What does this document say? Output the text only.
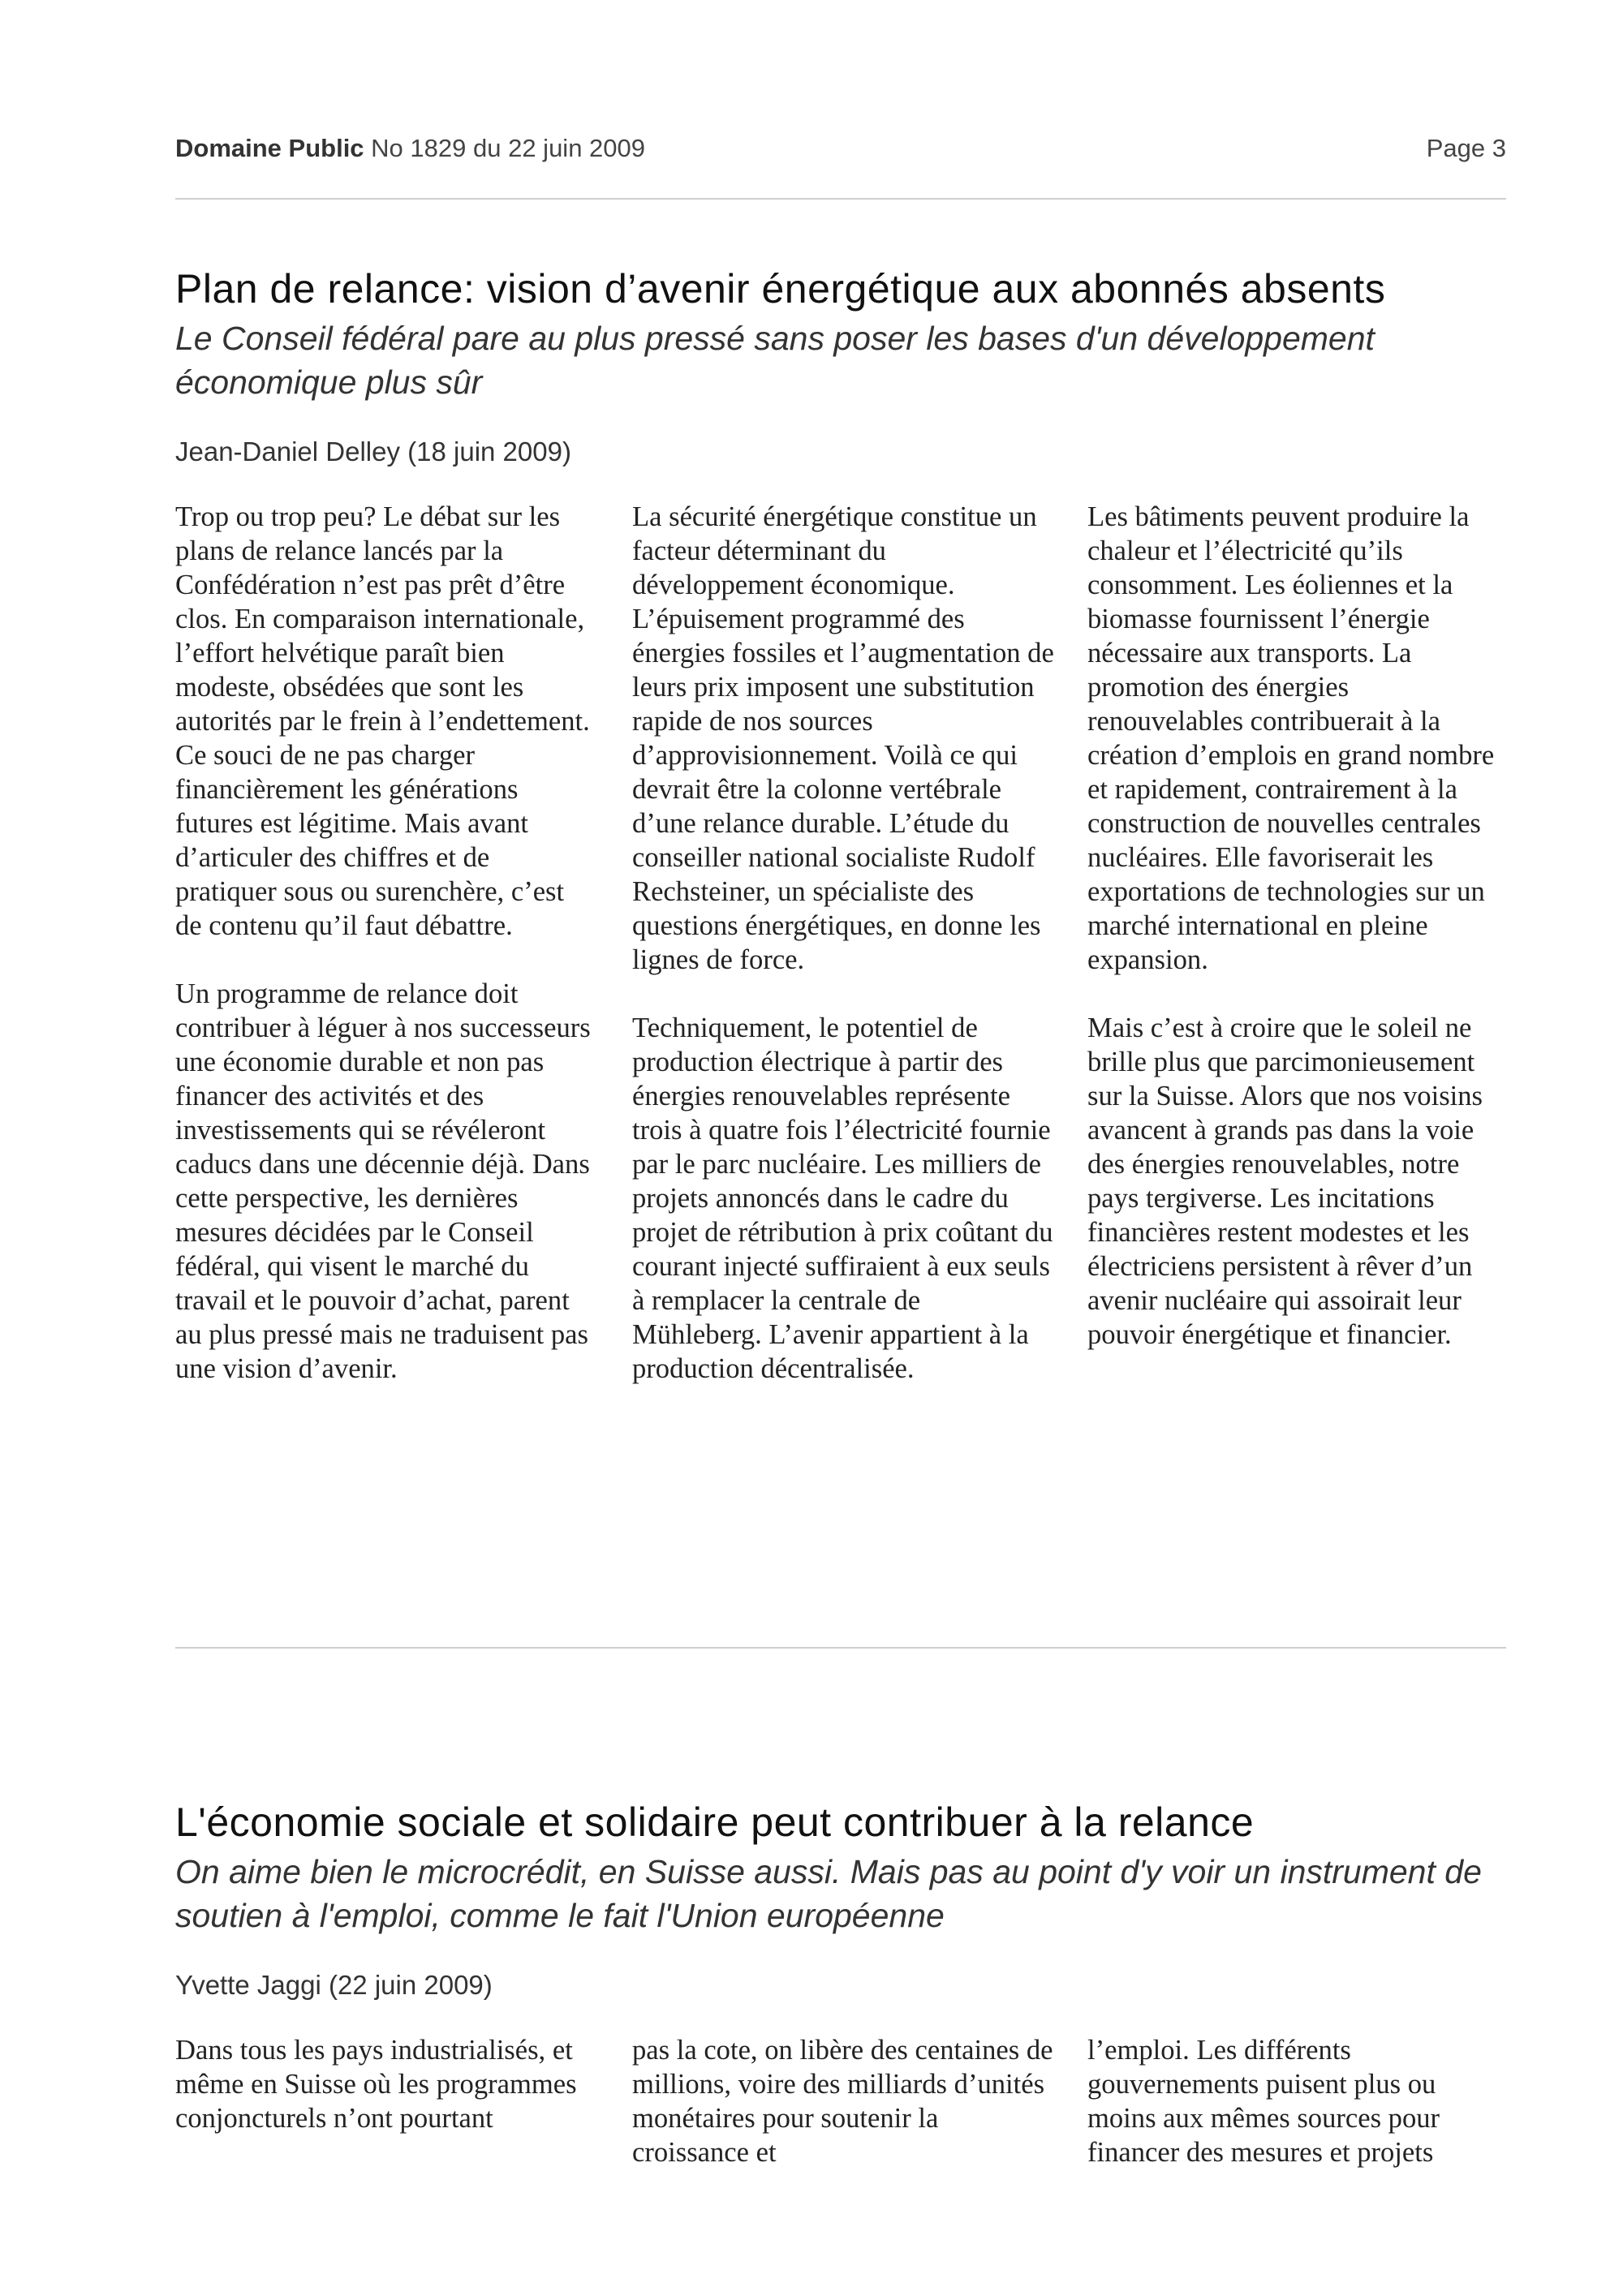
Domaine Public No 1829 du 22 juin 2009	Page 3
Plan de relance: vision d’avenir énergétique aux abonnés absents
Le Conseil fédéral pare au plus pressé sans poser les bases d'un développement économique plus sûr
Jean-Daniel Delley (18 juin 2009)

Trop ou trop peu? Le débat sur les plans de relance lancés par la Confédération n’est pas prêt d’être clos. En comparaison internationale, l’effort helvétique paraît bien modeste, obsédées que sont les autorités par le frein à l’endettement. Ce souci de ne pas charger financièrement les générations futures est légitime. Mais avant d’articuler des chiffres et de pratiquer sous ou surenchère, c’est de contenu qu’il faut débattre.

Un programme de relance doit contribuer à léguer à nos successeurs une économie durable et non pas financer des activités et des investissements qui se révéleront caducs dans une décennie déjà. Dans cette perspective, les dernières mesures décidées par le Conseil fédéral, qui visent le marché du travail et le pouvoir d’achat, parent au plus pressé mais ne traduisent pas une vision d’avenir.

La sécurité énergétique constitue un facteur déterminant du développement économique. L’épuisement programmé des énergies fossiles et l’augmentation de leurs prix imposent une substitution rapide de nos sources d’approvisionnement. Voilà ce qui devrait être la colonne vertébrale d’une relance durable. L’étude du conseiller national socialiste Rudolf Rechsteiner, un spécialiste des questions énergétiques, en donne les lignes de force.

Techniquement, le potentiel de production électrique à partir des énergies renouvelables représente trois à quatre fois l’électricité fournie par le parc nucléaire. Les milliers de projets annoncés dans le cadre du projet de rétribution à prix coûtant du courant injecté suffiraient à eux seuls à remplacer la centrale de Mühleberg. L’avenir appartient à la production décentralisée.

Les bâtiments peuvent produire la chaleur et l’électricité qu’ils consomment. Les éoliennes et la biomasse fournissent l’énergie nécessaire aux transports. La promotion des énergies renouvelables contribuerait à la création d’emplois en grand nombre et rapidement, contrairement à la construction de nouvelles centrales nucléaires. Elle favoriserait les exportations de technologies sur un marché international en pleine expansion.

Mais c’est à croire que le soleil ne brille plus que parcimonieusement sur la Suisse. Alors que nos voisins avancent à grands pas dans la voie des énergies renouvelables, notre pays tergiverse. Les incitations financières restent modestes et les électriciens persistent à rêver d’un avenir nucléaire qui assoirait leur pouvoir énergétique et financier.

L'économie sociale et solidaire peut contribuer à la relance
On aime bien le microcrédit, en Suisse aussi. Mais pas au point d'y voir un instrument de soutien à l'emploi, comme le fait l'Union européenne
Yvette Jaggi (22 juin 2009)

Dans tous les pays industrialisés, et même en Suisse où les programmes conjoncturels n’ont pourtant

pas la cote, on libère des centaines de millions, voire des milliards d’unités monétaires pour soutenir la croissance et

l’emploi. Les différents gouvernements puisent plus ou moins aux mêmes sources pour financer des mesures et projets
